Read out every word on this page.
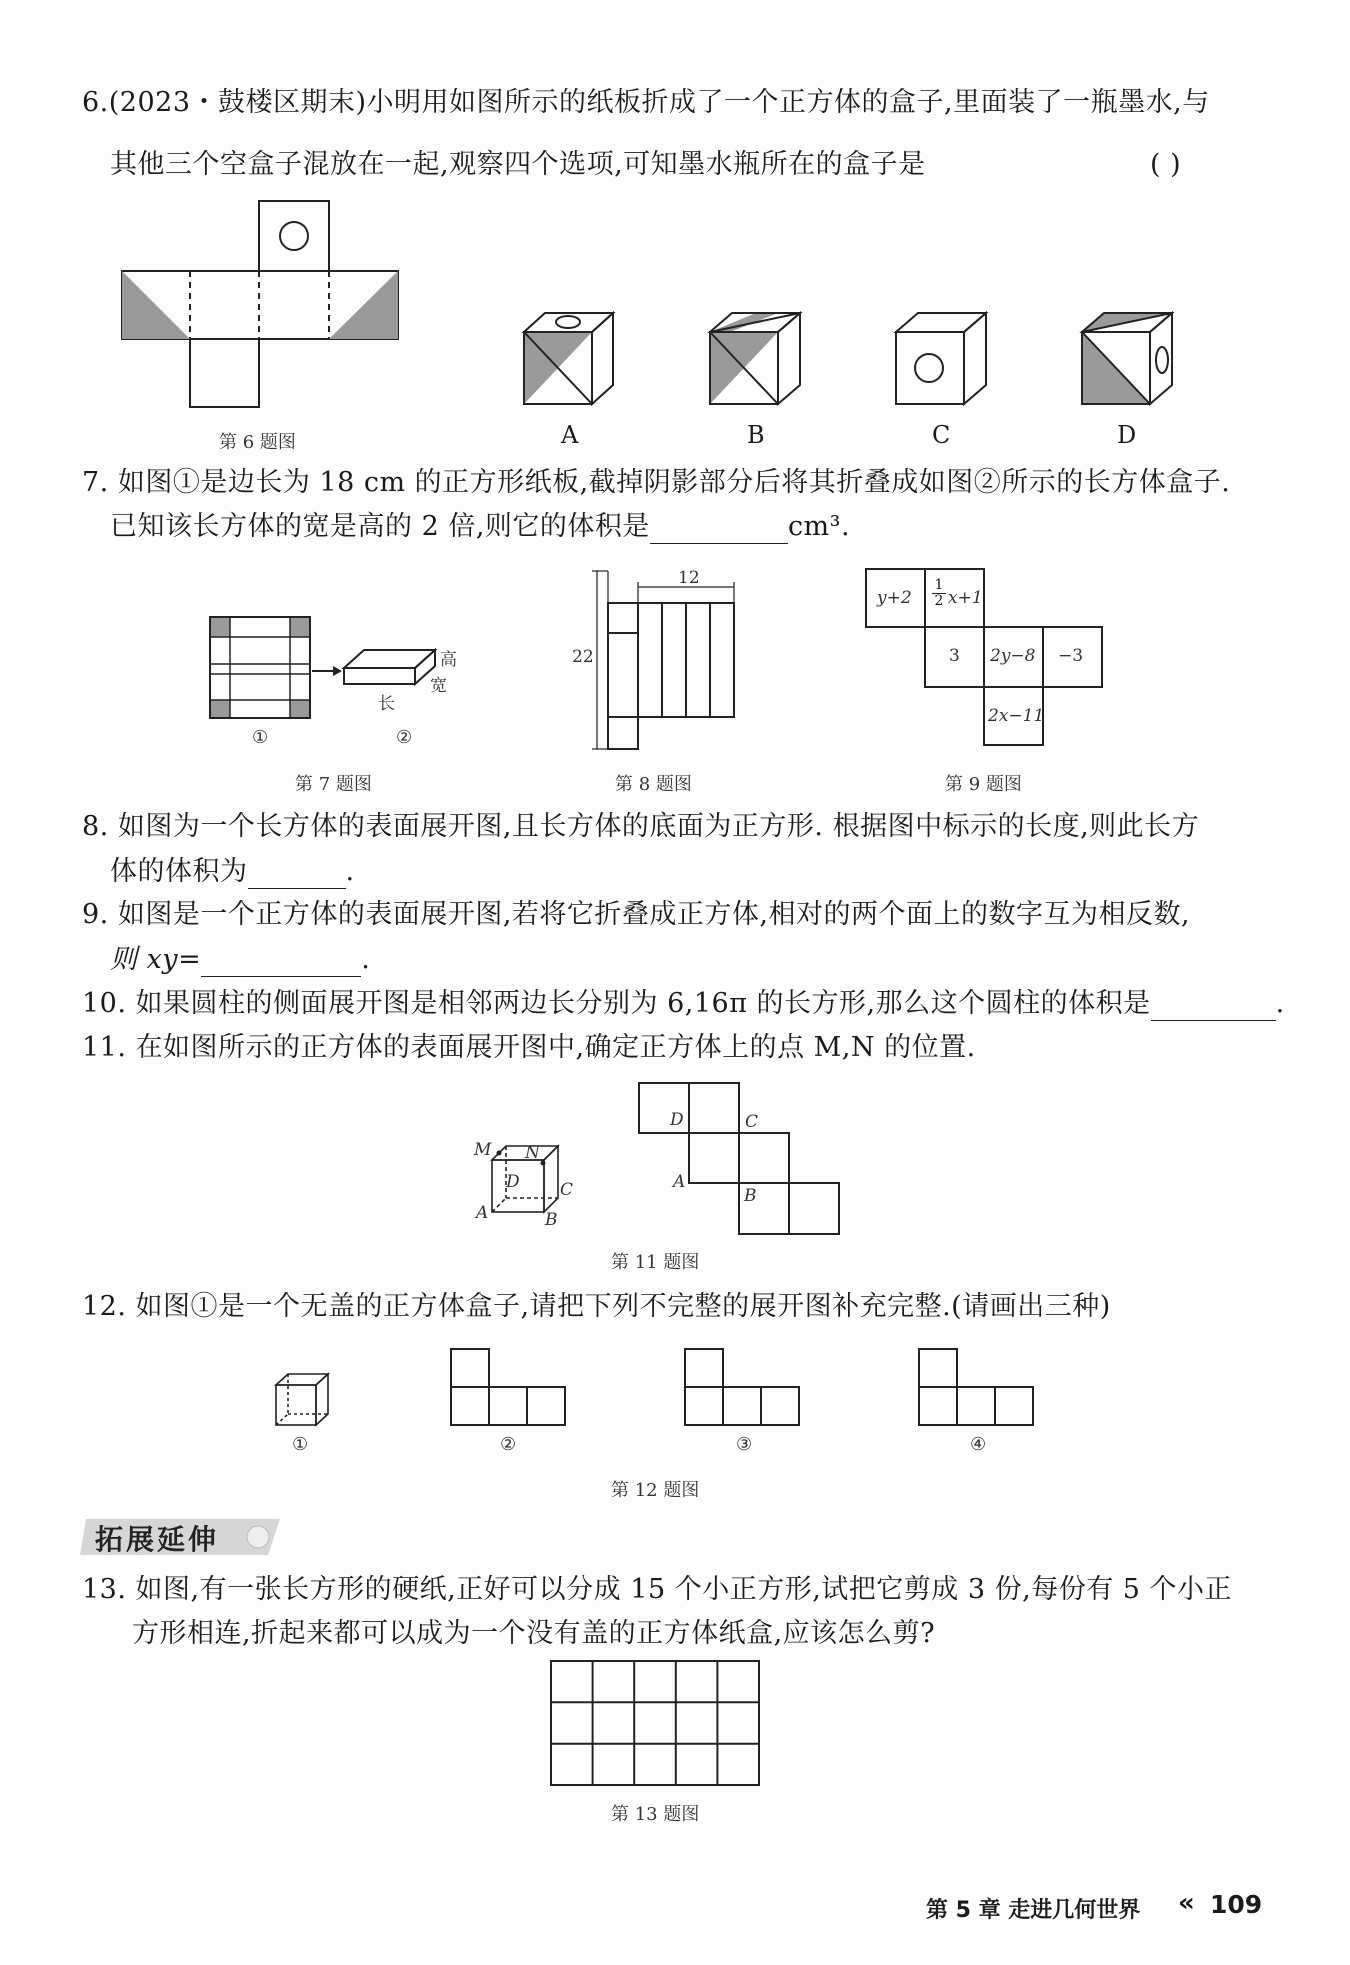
6.(2023・鼓楼区期末)小明用如图所示的纸板折成了一个正方体的盒子,里面装了一瓶墨水,与
其他三个空盒子混放在一起,观察四个选项,可知墨水瓶所在的盒子是	( )
第 6 题图	A	B	C	D
7. 如图①是边长为 18 cm 的正方形纸板,截掉阴影部分后将其折叠成如图②所示的长方体盒子.
已知该长方体的宽是高的 2 倍,则它的体积是	cm³.
高
宽
长
①	②
第 7 题图
12
22
第 8 题图
$y+2 \frac{1}{2} x+1$
3 2y−8 −3
2x−11
第 9 题图
8. 如图为一个长方体的表面展开图,且长方体的底面为正方形. 根据图中标示的长度,则此长方
体的体积为	.
9. 如图是一个正方体的表面展开图,若将它折叠成正方体,相对的两个面上的数字互为相反数,
则 xy=	.
10. 如果圆柱的侧面展开图是相邻两边长分别为 6,16π 的长方形,那么这个圆柱的体积是	.
11. 在如图所示的正方体的表面展开图中,确定正方体上的点 M,N 的位置.
M N
D C
A	B
D	C
A
B
第 11 题图
12. 如图①是一个无盖的正方体盒子,请把下列不完整的展开图补充完整.(请画出三种)
①	②	③	④
第 12 题图
拓展延伸
13. 如图,有一张长方形的硬纸,正好可以分成 15 个小正方形,试把它剪成 3 份,每份有 5 个小正
方形相连,折起来都可以成为一个没有盖的正方体纸盒,应该怎么剪?
第 13 题图
第 5 章 走进几何世界 « 109
